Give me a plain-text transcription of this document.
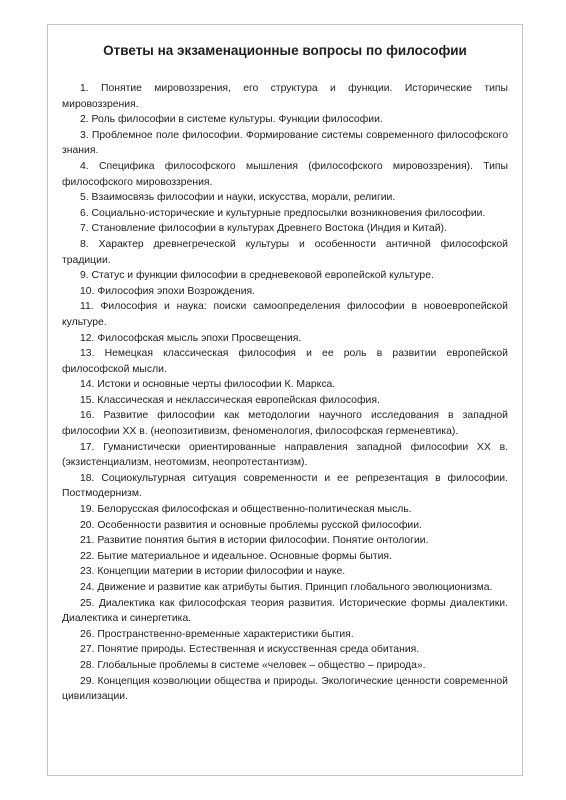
Ответы на экзаменационные вопросы по философии

1. Понятие мировоззрения, его структура и функции. Исторические типы мировоззрения.

2. Роль философии в системе культуры. Функции философии.

3. Проблемное поле философии. Формирование системы современного философского знания.

4. Специфика философского мышления (философского мировоззрения). Типы философского мировоззрения.

5. Взаимосвязь философии и науки, искусства, морали, религии.

6. Социально-исторические и культурные предпосылки возникновения философии.

7. Становление философии в культурах Древнего Востока (Индия и Китай).

8. Характер древнегреческой культуры и особенности античной философской традиции.

9. Статус и функции философии в средневековой европейской культуре.

10. Философия эпохи Возрождения.

11. Философия и наука: поиски самоопределения философии в новоевропейской культуре.

12. Философская мысль эпохи Просвещения.

13. Немецкая классическая философия и ее роль в развитии европейской философской мысли.

14. Истоки и основные черты философии К. Маркса.

15. Классическая и неклассическая европейская философия.

16. Развитие философии как методологии научного исследования в западной философии XX в. (неопозитивизм, феноменология, философская герменевтика).

17. Гуманистически ориентированные направления западной философии XX в. (экзистенциализм, неотомизм, неопротестантизм).

18. Социокультурная ситуация современности и ее репрезентация в философии. Постмодернизм.

19. Белорусская философская и общественно-политическая мысль.

20. Особенности развития и основные проблемы русской философии.

21. Развитие понятия бытия в истории философии. Понятие онтологии.

22. Бытие материальное и идеальное. Основные формы бытия.

23. Концепции материи в истории философии и науке.

24. Движение и развитие как атрибуты бытия. Принцип глобального эволюционизма.

25. Диалектика как философская теория развития. Исторические формы диалектики. Диалектика и синергетика.

26. Пространственно-временные характеристики бытия.

27. Понятие природы. Естественная и искусственная среда обитания.

28. Глобальные проблемы в системе «человек – общество – природа».

29. Концепция коэволюции общества и природы. Экологические ценности современной цивилизации.
